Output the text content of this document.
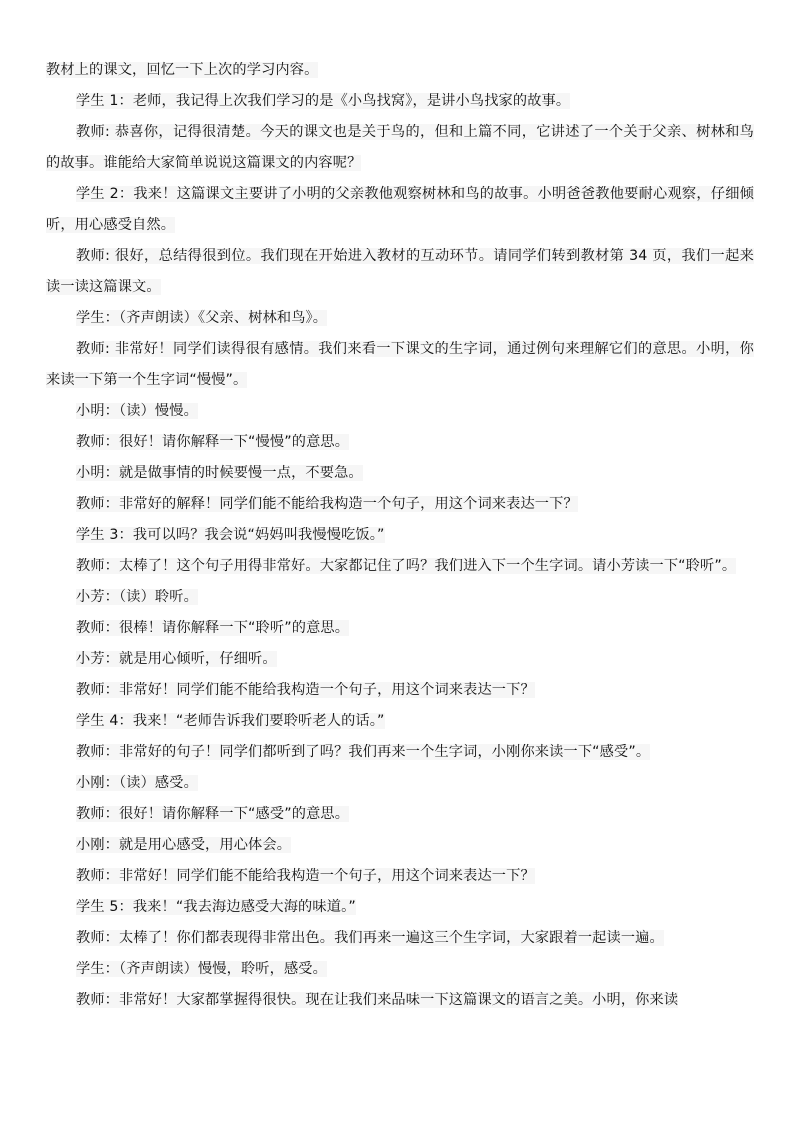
教材上的课文，回忆一下上次的学习内容。

学生 1：老师，我记得上次我们学习的是《小鸟找窝》，是讲小鸟找家的故事。

教师: 恭喜你，记得很清楚。今天的课文也是关于鸟的，但和上篇不同，它讲述了一个关于父亲、树林和鸟的故事。谁能给大家简单说说这篇课文的内容呢？

学生 2：我来！这篇课文主要讲了小明的父亲教他观察树林和鸟的故事。小明爸爸教他要耐心观察，仔细倾听，用心感受自然。

教师: 很好，总结得很到位。我们现在开始进入教材的互动环节。请同学们转到教材第 34 页，我们一起来读一读这篇课文。

学生：（齐声朗读）《父亲、树林和鸟》。

教师: 非常好！同学们读得很有感情。我们来看一下课文的生字词，通过例句来理解它们的意思。小明，你来读一下第一个生字词“慢慢”。

小明：（读）慢慢。

教师：很好！请你解释一下“慢慢”的意思。

小明：就是做事情的时候要慢一点，不要急。

教师：非常好的解释！同学们能不能给我构造一个句子，用这个词来表达一下？

学生 3：我可以吗？我会说“妈妈叫我慢慢吃饭。”

教师：太棒了！这个句子用得非常好。大家都记住了吗？我们进入下一个生字词。请小芳读一下“聆听”。

小芳：（读）聆听。

教师：很棒！请你解释一下“聆听”的意思。

小芳：就是用心倾听，仔细听。

教师：非常好！同学们能不能给我构造一个句子，用这个词来表达一下？

学生 4：我来！“老师告诉我们要聆听老人的话。”

教师：非常好的句子！同学们都听到了吗？我们再来一个生字词，小刚你来读一下“感受”。

小刚：（读）感受。

教师：很好！请你解释一下“感受”的意思。

小刚：就是用心感受，用心体会。

教师：非常好！同学们能不能给我构造一个句子，用这个词来表达一下？

学生 5：我来！“我去海边感受大海的味道。”

教师：太棒了！你们都表现得非常出色。我们再来一遍这三个生字词，大家跟着一起读一遍。

学生：（齐声朗读）慢慢，聆听，感受。

教师：非常好！大家都掌握得很快。现在让我们来品味一下这篇课文的语言之美。小明，你来读
